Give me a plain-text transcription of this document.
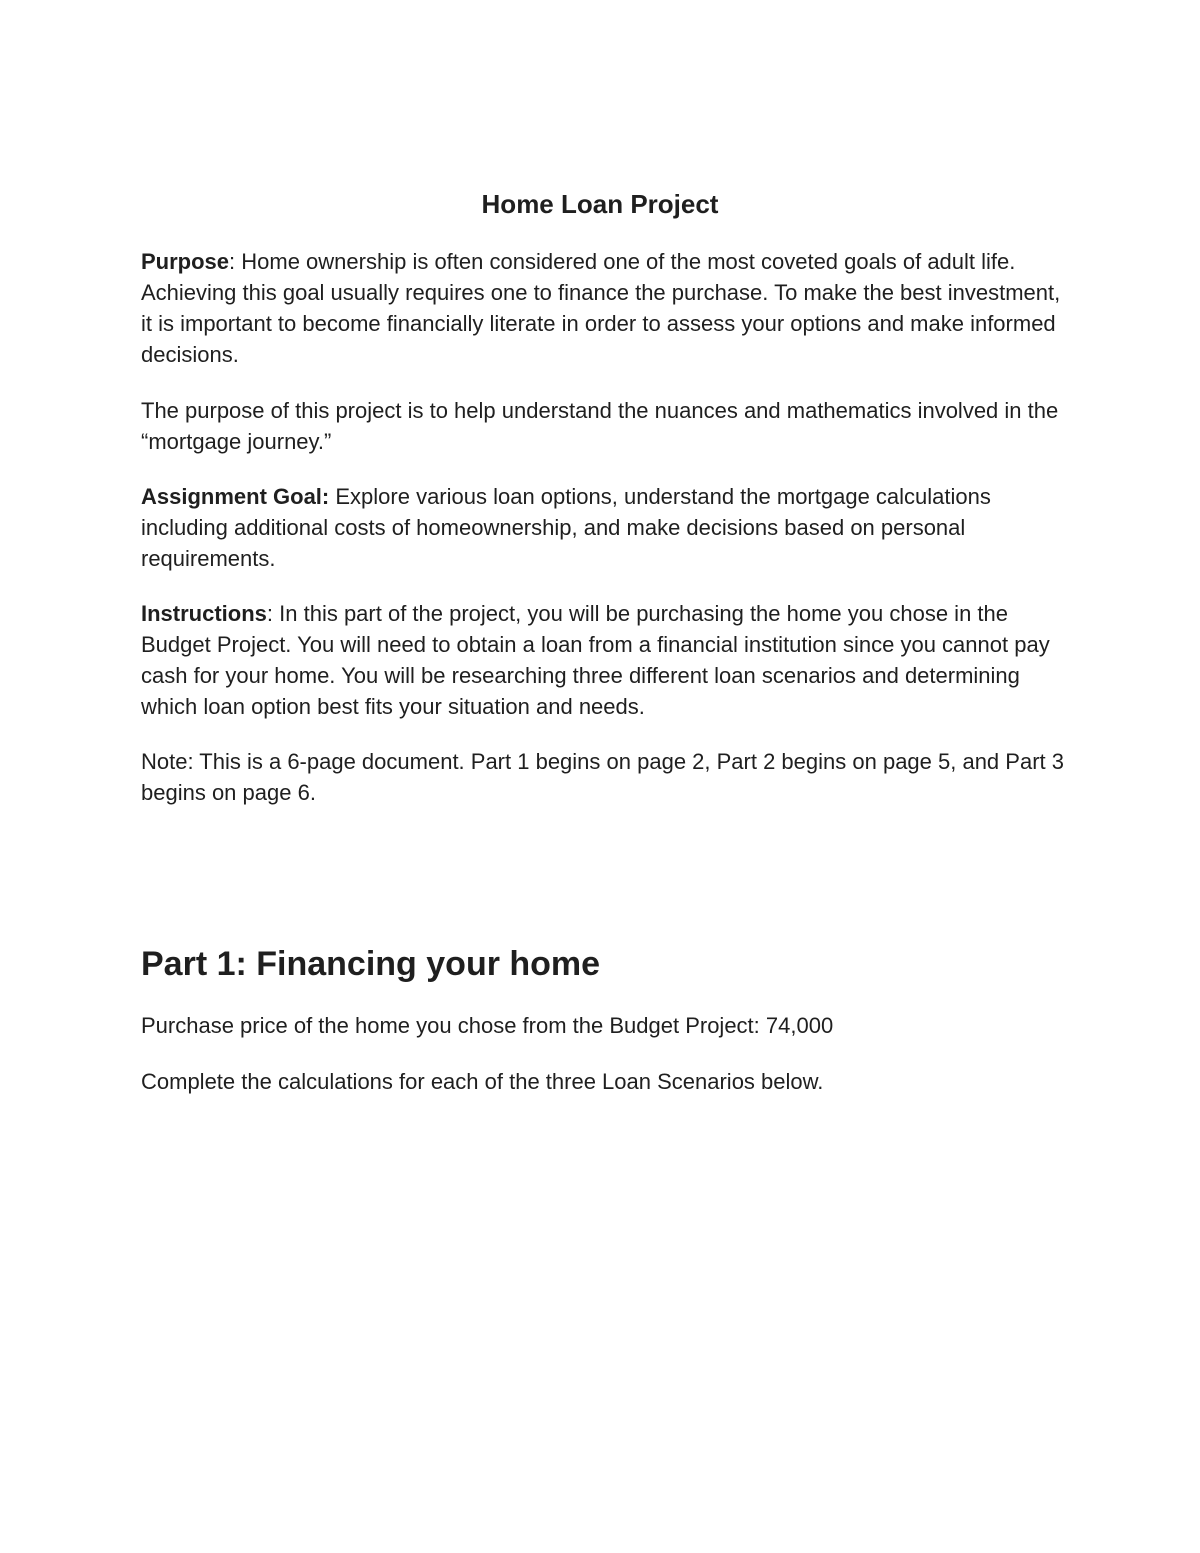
Home Loan Project

Purpose: Home ownership is often considered one of the most coveted goals of adult life. Achieving this goal usually requires one to finance the purchase. To make the best investment, it is important to become financially literate in order to assess your options and make informed decisions.

The purpose of this project is to help understand the nuances and mathematics involved in the “mortgage journey.”

Assignment Goal: Explore various loan options, understand the mortgage calculations including additional costs of homeownership, and make decisions based on personal requirements.

Instructions: In this part of the project, you will be purchasing the home you chose in the Budget Project. You will need to obtain a loan from a financial institution since you cannot pay cash for your home. You will be researching three different loan scenarios and determining which loan option best fits your situation and needs.

Note: This is a 6-page document. Part 1 begins on page 2, Part 2 begins on page 5, and Part 3 begins on page 6.

Part 1: Financing your home

Purchase price of the home you chose from the Budget Project: 74,000

Complete the calculations for each of the three Loan Scenarios below.
